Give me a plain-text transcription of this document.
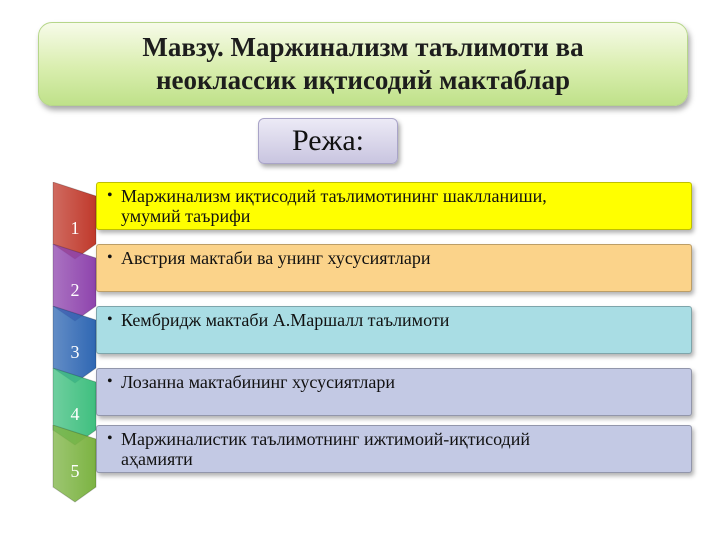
Мавзу. Маржинализм таълимоти ва
неоклассик иқтисодий мактаблар
Режа:
1
• Маржинализм иқтисодий таълимотининг шаклланиши,
умумий таърифи
2
• Австрия мактаби ва унинг хусусиятлари
3
• Кембридж мактаби А.Маршалл таълимоти
4
• Лозанна мактабининг хусусиятлари
5
• Маржиналистик таълимотнинг ижтимоий-иқтисодий
аҳамияти
